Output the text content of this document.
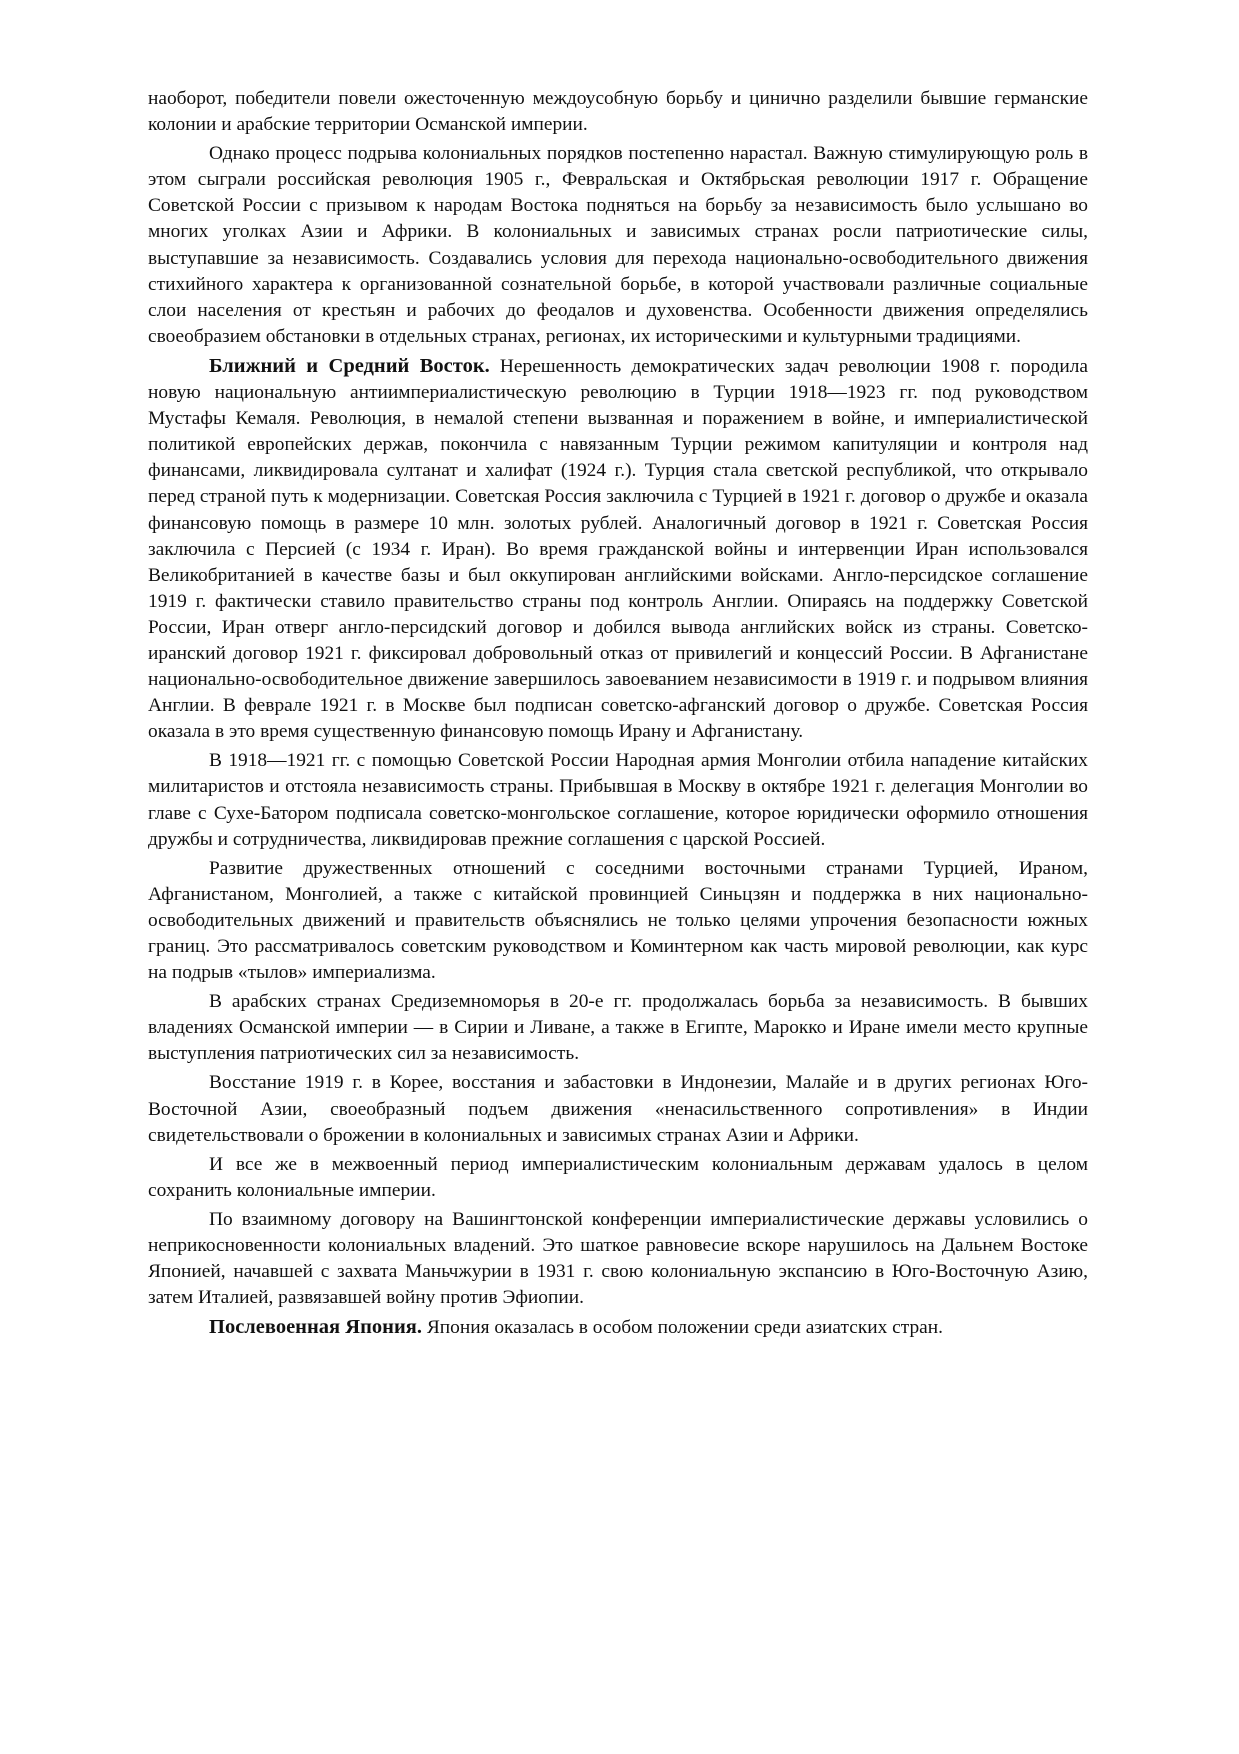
наоборот, победители повели ожесточенную междоусобную борьбу и цинично разделили бывшие германские колонии и арабские территории Османской империи.

Однако процесс подрыва колониальных порядков постепенно нарастал. Важную стимулирующую роль в этом сыграли российская революция 1905 г., Февральская и Октябрьская революции 1917 г. Обращение Советской России с призывом к народам Востока подняться на борьбу за независимость было услышано во многих уголках Азии и Африки. В колониальных и зависимых странах росли патриотические силы, выступавшие за независимость. Создавались условия для перехода национально-освободительного движения стихийного характера к организованной сознательной борьбе, в которой участвовали различные социальные слои населения от крестьян и рабочих до феодалов и духовенства. Особенности движения определялись своеобразием обстановки в отдельных странах, регионах, их историческими и культурными традициями.

Ближний и Средний Восток. Нерешенность демократических задач революции 1908 г. породила новую национальную антиимпериалистическую революцию в Турции 1918—1923 гг. под руководством Мустафы Кемаля. Революция, в немалой степени вызванная и поражением в войне, и империалистической политикой европейских держав, покончила с навязанным Турции режимом капитуляции и контроля над финансами, ликвидировала султанат и халифат (1924 г.). Турция стала светской республикой, что открывало перед страной путь к модернизации. Советская Россия заключила с Турцией в 1921 г. договор о дружбе и оказала финансовую помощь в размере 10 млн. золотых рублей. Аналогичный договор в 1921 г. Советская Россия заключила с Персией (с 1934 г. Иран). Во время гражданской войны и интервенции Иран использовался Великобританией в качестве базы и был оккупирован английскими войсками. Англо-персидское соглашение 1919 г. фактически ставило правительство страны под контроль Англии. Опираясь на поддержку Советской России, Иран отверг англо-персидский договор и добился вывода английских войск из страны. Советско-иранский договор 1921 г. фиксировал добровольный отказ от привилегий и концессий России. В Афганистане национально-освободительное движение завершилось завоеванием независимости в 1919 г. и подрывом влияния Англии. В феврале 1921 г. в Москве был подписан советско-афганский договор о дружбе. Советская Россия оказала в это время существенную финансовую помощь Ирану и Афганистану.

В 1918—1921 гг. с помощью Советской России Народная армия Монголии отбила нападение китайских милитаристов и отстояла независимость страны. Прибывшая в Москву в октябре 1921 г. делегация Монголии во главе с Сухе-Батором подписала советско-монгольское соглашение, которое юридически оформило отношения дружбы и сотрудничества, ликвидировав прежние соглашения с царской Россией.

Развитие дружественных отношений с соседними восточными странами Турцией, Ираном, Афганистаном, Монголией, а также с китайской провинцией Синьцзян и поддержка в них национально-освободительных движений и правительств объяснялись не только целями упрочения безопасности южных границ. Это рассматривалось советским руководством и Коминтерном как часть мировой революции, как курс на подрыв «тылов» империализма.

В арабских странах Средиземноморья в 20-е гг. продолжалась борьба за независимость. В бывших владениях Османской империи — в Сирии и Ливане, а также в Египте, Марокко и Иране имели место крупные выступления патриотических сил за независимость.

Восстание 1919 г. в Корее, восстания и забастовки в Индонезии, Малайе и в других регионах Юго-Восточной Азии, своеобразный подъем движения «ненасильственного сопротивления» в Индии свидетельствовали о брожении в колониальных и зависимых странах Азии и Африки.

И все же в межвоенный период империалистическим колониальным державам удалось в целом сохранить колониальные империи.

По взаимному договору на Вашингтонской конференции империалистические державы условились о неприкосновенности колониальных владений. Это шаткое равновесие вскоре нарушилось на Дальнем Востоке Японией, начавшей с захвата Маньчжурии в 1931 г. свою колониальную экспансию в Юго-Восточную Азию, затем Италией, развязавшей войну против Эфиопии.

Послевоенная Япония. Япония оказалась в особом положении среди азиатских стран.
